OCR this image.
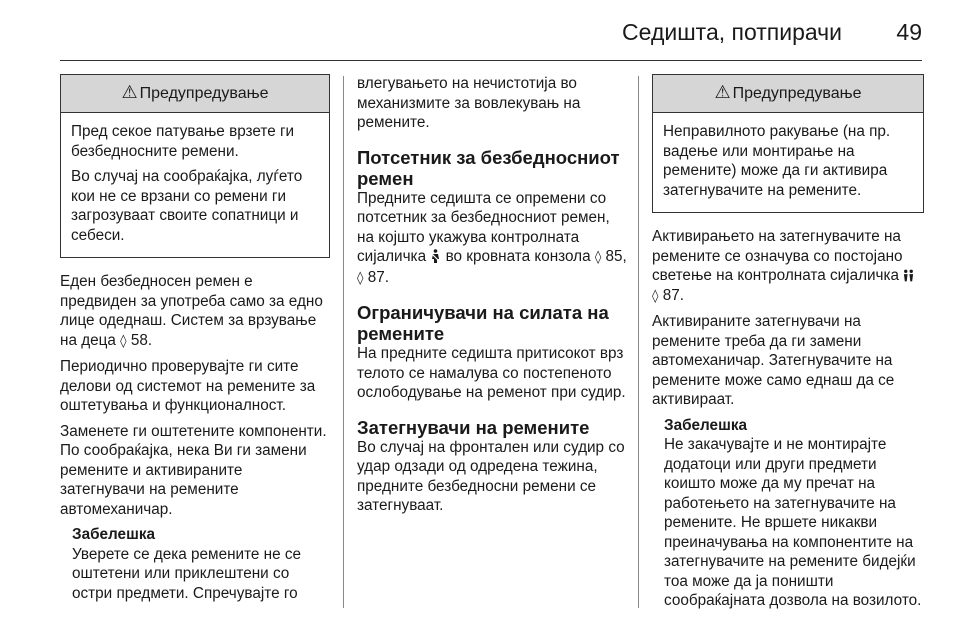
Седишта, потпирачи 49
⚠ Предупредување

Пред секое патување врзете ги безбедносните ремени.

Во случај на сообраќајка, луѓето кои не се врзани со ремени ги загрозуваат своите сопатници и себеси.

Еден безбедносен ремен е предвиден за употреба само за едно лице одеднаш. Систем за врзување на деца ◊ 58.

Периодично проверувајте ги сите делови од системот на ремените за оштетувања и функционалност.

Заменете ги оштетените компоненти. По сообраќајка, нека Ви ги замени ремените и активираните затегнувачи на ремените автомеханичар.

Забелешка
Уверете се дека ремените не се оштетени или приклештени со остри предмети. Спречувајте го

влегувањето на нечистотија во механизмите за вовлекувањ на ремените.

Потсетник за безбедносниот ремен

Предните седишта се опремени со потсетник за безбедносниот ремен, на којшто укажува контролната сијаличка  во кровната конзола ◊ 85, ◊ 87.

Ограничувачи на силата на ремените

На предните седишта притисокот врз телото се намалува со постепеното ослободување на ременот при судир.

Затегнувачи на ремените

Во случај на фронтален или судир со удар одзади од одредена тежина, предните безбедносни ремени се затегнуваат.

⚠ Предупредување

Неправилното ракување (на пр. вадење или монтирање на ремените) може да ги активира затегнувачите на ремените.

Активирањето на затегнувачите на ремените се означува со постојано светење на контролната сијаличка  ◊ 87.

Активираните затегнувачи на ремените треба да ги замени автомеханичар. Затегнувачите на ремените може само еднаш да се активираат.

Забелешка
Не закачувајте и не монтирајте додатоци или други предмети коишто може да му пречат на работењето на затегнувачите на ремените. Не вршете никакви преиначувања на компонентите на затегнувачите на ремените бидејќи тоа може да ја поништи сообраќајната дозвола на возилото.
